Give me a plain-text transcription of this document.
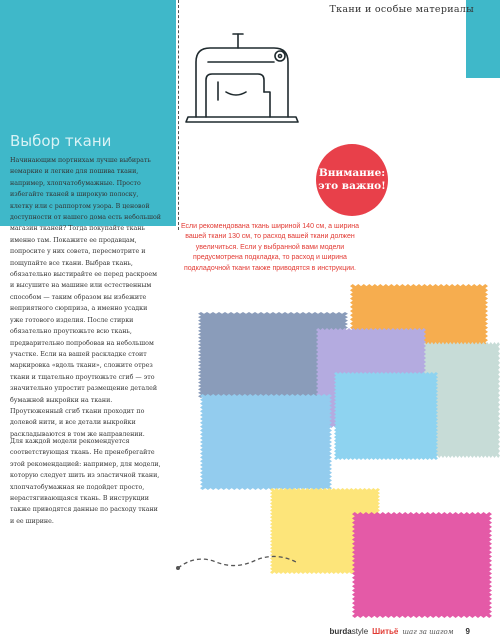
Ткани и особые материалы
Выбор ткани

Начинающим портнихам лучше выбирать немаркие и легкие для пошива ткани, например, хлопчатобумажные. Просто избегайте тканей в широкую полоску, клетку или с раппортом узора. В ценовой доступности от нашего дома есть небольшой магазин тканей? Тогда покупайте ткань именно там. Покажите ее продавцам, попросите у них совета, пересмотрите и пощупайте все ткани. Выбрав ткань, обязательно выстирайте ее перед раскроем и высушите на машине или естественным способом — таким образом вы избежите неприятного сюрприза, а именно усадки уже готового изделия. После стирки обязательно проутюжьте всю ткань, предварительно попробовав на небольшом участке. Если на вашей раскладке стоит маркировка «вдоль ткани», сложите отрез ткани и тщательно проутюжьте сгиб — это значительно упростит размещение деталей бумажной выкройки на ткани. Проутюженный сгиб ткани проходит по долевой нити, и все детали выкройки раскладываются в том же направлении.

Для каждой модели рекомендуется соответствующая ткань. Не пренебрегайте этой рекомендацией: например, для модели, которую следует шить из эластичной ткани, хлопчатобумажная не подойдет просто, нерастягивающаяся ткань. В инструкции также приводятся данные по расходу ткани и ее ширине.

Внимание:
это важно!

Если рекомендована ткань шириной 140 см, а ширина вашей ткани 130 см, то расход вашей ткани должен увеличиться. Если у выбранной вами модели предусмотрена подкладка, то расход и ширина подкладочной ткани также приводятся в инструкции.

burdastyle Шитьё шаг за шагом 9
